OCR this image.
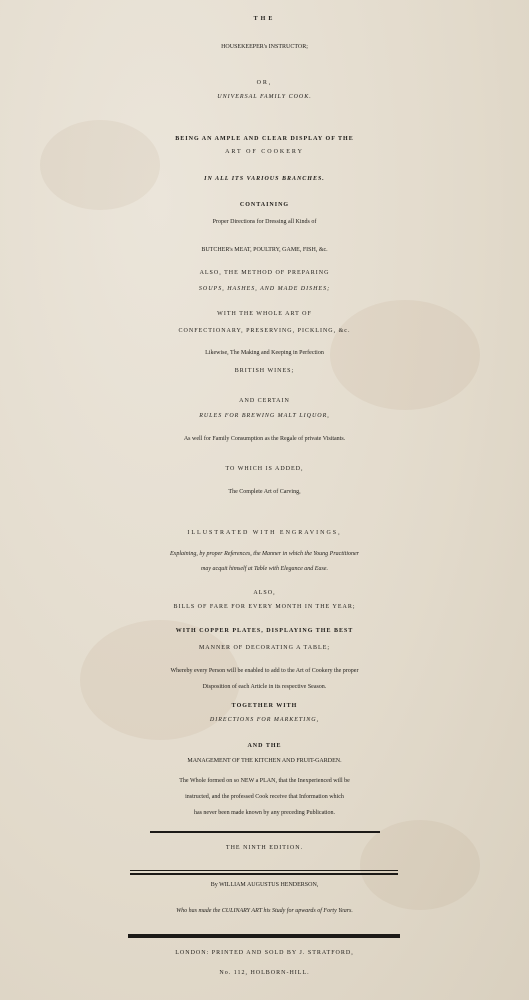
THE
HOUSEKEEPER's INSTRUCTOR;
OR,
UNIVERSAL FAMILY COOK.
BEING AN AMPLE AND CLEAR DISPLAY OF THE
ART OF COOKERY
IN ALL ITS VARIOUS BRANCHES.
CONTAINING
Proper Directions for Dressing all Kinds of
BUTCHER's MEAT, POULTRY, GAME, FISH, &c.
ALSO, THE METHOD OF PREPARING
SOUPS, HASHES, AND MADE DISHES;
WITH THE WHOLE ART OF
CONFECTIONARY, PRESERVING, PICKLING, &c.
Likewise, The Making and Keeping in Perfection
BRITISH WINES;
AND CERTAIN
RULES FOR BREWING MALT LIQUOR,
As well for Family Consumption as the Regale of private Visitants.
TO WHICH IS ADDED,
The Complete Art of Carving,
ILLUSTRATED WITH ENGRAVINGS,
Explaining, by proper References, the Manner in which the Young Practitioner
may acquit himself at Table with Elegance and Ease.
ALSO,
BILLS OF FARE FOR EVERY MONTH IN THE YEAR;
WITH COPPER PLATES, DISPLAYING THE BEST
MANNER OF DECORATING A TABLE;
Whereby every Person will be enabled to add to the Art of Cookery the proper
Disposition of each Article in its respective Season.
TOGETHER WITH
DIRECTIONS FOR MARKETING,
AND THE
MANAGEMENT OF THE KITCHEN AND FRUIT-GARDEN.
The Whole formed on so NEW a PLAN, that the Inexperienced will be
instructed, and the professed Cook receive that Information which
has never been made known by any preceding Publication.
THE NINTH EDITION.
By WILLIAM AUGUSTUS HENDERSON,
Who has made the CULINARY ART his Study for upwards of Forty Years.
LONDON: PRINTED AND SOLD BY J. STRATFORD,
No. 112, HOLBORN-HILL.
